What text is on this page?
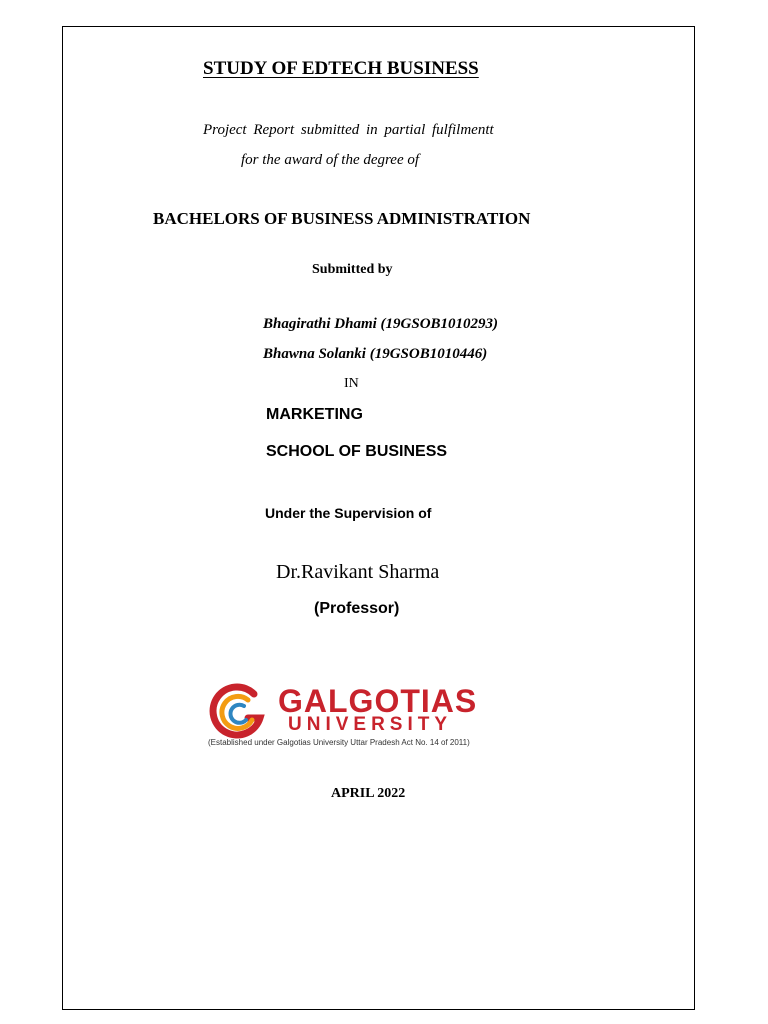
STUDY OF EDTECH BUSINESS
Project Report submitted in partial fulfilmentt
for the award of the degree of
BACHELORS OF BUSINESS ADMINISTRATION
Submitted by
Bhagirathi Dhami (19GSOB1010293)
Bhawna Solanki (19GSOB1010446)
IN
MARKETING
SCHOOL OF BUSINESS
Under the Supervision of
Dr.Ravikant Sharma
(Professor)
GALGOTIAS
UNIVERSITY
(Established under Galgotias University Uttar Pradesh Act No. 14 of 2011)
APRIL 2022
